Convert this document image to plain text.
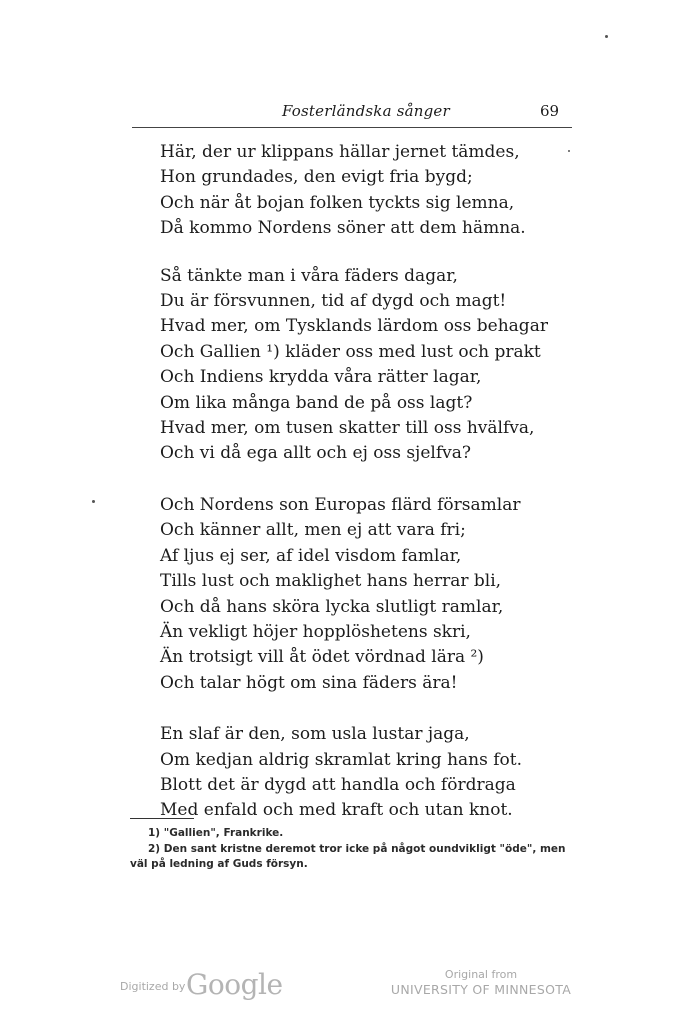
Fosterländska sånger	69
Här, der ur klippans hällar jernet tämdes,
Hon grundades, den evigt fria bygd;
Och när åt bojan folken tyckts sig lemna,
Då kommo Nordens söner att dem hämna.
Så tänkte man i våra fäders dagar,
Du är försvunnen, tid af dygd och magt!
Hvad mer, om Tysklands lärdom oss behagar
Och Gallien ¹) kläder oss med lust och prakt
Och Indiens krydda våra rätter lagar,
Om lika många band de på oss lagt?
Hvad mer, om tusen skatter till oss hvälfva,
Och vi då ega allt och ej oss sjelfva?
Och Nordens son Europas flärd församlar
Och känner allt, men ej att vara fri;
Af ljus ej ser, af idel visdom famlar,
Tills lust och maklighet hans herrar bli,
Och då hans sköra lycka slutligt ramlar,
Än vekligt höjer hopplöshetens skri,
Än trotsigt vill åt ödet vördnad lära ²)
Och talar högt om sina fäders ära!
En slaf är den, som usla lustar jaga,
Om kedjan aldrig skramlat kring hans fot.
Blott det är dygd att handla och fördraga
Med enfald och med kraft och utan knot.
1) "Gallien", Frankrike.
2) Den sant kristne deremot tror icke på något oundvikligt "öde", men väl på ledning af Guds försyn.
Digitized by Google	Original from
UNIVERSITY OF MINNESOTA
